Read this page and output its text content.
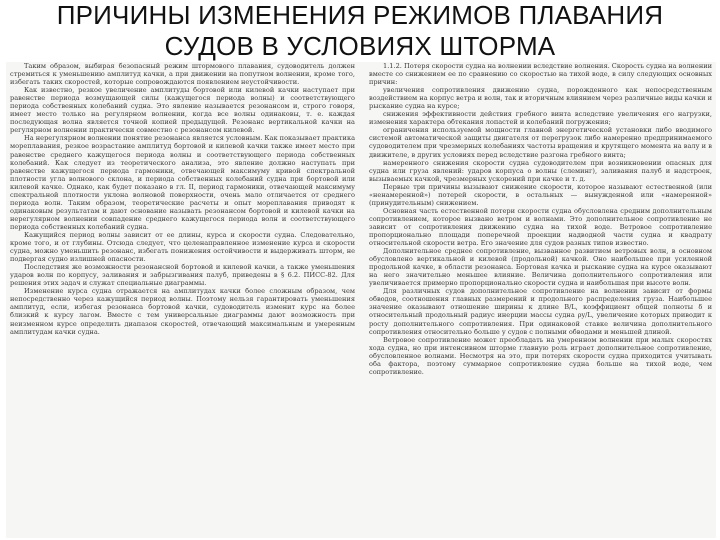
ПРИЧИНЫ ИЗМЕНЕНИЯ РЕЖИМОВ ПЛАВАНИЯ
СУДОВ В УСЛОВИЯХ ШТОРМА

Таким образом, выбирая безопасный режим штормового плавания, судоводитель должен стремиться к уменьшению амплитуд качки, а при движении на попутном волнении, кроме того, избегать таких скоростей, которые сопровождаются появлением неустойчивости.

Как известно, резкое увеличение амплитуды бортовой или килевой качки наступает при равенстве периода возмущающей силы (кажущегося периода волны) и соответствующего периода собственных колебаний судна. Это явление называется резонансом и, строго говоря, имеет место только на регулярном волнении, когда все волны одинаковы, т. е. каждая последующая волна является точной копией предыдущей. Резонанс вертикальной качки на регулярном волнении практически совместно с резонансом килевой.

На нерегулярном волнении понятие резонанса является условным. Как показывает практика мореплавания, резкое возрастание амплитуд бортовой и килевой качки также имеет место при равенстве среднего кажущегося периода волны и соответствующего периода собственных колебаний. Как следует из теоретического анализа, это явление должно наступать при равенстве кажущегося периода гармоники, отвечающей максимуму кривой спектральной плотности угла волнового склона, и периода собственных колебаний судна при бортовой или килевой качке. Однако, как будет показано в гл. II, период гармоники, отвечающей максимуму спектральной плотности уклона волновой поверхности, очень мало отличается от среднего периода волн. Таким образом, теоретические расчеты и опыт мореплавания приводят к одинаковым результатам и дают основание называть резонансом бортовой и килевой качки на нерегулярном волнении совпадение среднего кажущегося периода волн и соответствующего периода собственных колебаний судна.

Кажущийся период волны зависит от ее длины, курса и скорости судна. Следовательно, кроме того, и от глубины. Отсюда следует, что целенаправленное изменение курса и скорости судна, можно уменьшить резонанс, избегать понижения остойчивости и выдерживать шторм, не подвергая судно излишней опасности.

Последствия же возможности резонансной бортовой и килевой качки, а также уменьшения ударов волн по корпусу, заливания и забрызгивания палуб, приведены в § 6.2. ПИСС-82. Для решения этих задач и служат специальные диаграммы.

Изменение курса судна отражается на амплитудах качки более сложным образом, чем непосредственно через кажущийся период волны. Поэтому нельзя гарантировать уменьшения амплитуд, если, избегая резонанса бортовой качки, судоводитель изменит курс на более близкий к курсу лагом. Вместе с тем универсальные диаграммы дают возможность при неизменном курсе определить диапазон скоростей, отвечающий максимальным и умеренным амплитудам качки судна.

1.1.2. Потеря скорости судна на волнении вследствие волнения. Скорость судна на волнении вместе со снижением ее по сравнению со скоростью на тихой воде, в силу следующих основных причин:

увеличения сопротивления движению судна, порожденного как непосредственным воздействием на корпус ветра и волн, так и вторичным влиянием через различные виды качки и рыскание судна на курсе;

снижения эффективности действия гребного винта вследствие увеличения его нагрузки, изменения характера обтекания лопастей и колебаний погружения;

ограничения используемой мощности главной энергетической установки либо вводимого системой автоматической защиты двигателя от перегрузок либо намеренно предпринимаемого судоводителем при чрезмерных колебаниях частоты вращения и крутящего момента на валу и в движителе, в других условиях перед вследствие разгона гребного винта;

намеренного снижения скорости судна судоводителем при возникновении опасных для судна или груза явлений: ударов корпуса о волны (слеминг), заливания палуб и надстроек, вызываемых качкой, чрезмерных ускорений при качке и т. д.

Первые три причины вызывают снижение скорости, которое называют естественной (или «ненамеренной») потерей скорости, в остальных — вынужденной или «намеренной» (принудительным) снижением.

Основная часть естественной потери скорости судна обусловлена средним дополнительным сопротивлением, которое вызвано ветром и волнами. Это дополнительное сопротивление не зависит от сопротивления движению судна на тихой воде. Ветровое сопротивление пропорционально площади поперечной проекции надводной части судна и квадрату относительной скорости ветра. Его значение для судов разных типов известно.

Дополнительное среднее сопротивление, вызванное развитием ветровых волн, в основном обусловлено вертикальной и килевой (продольной) качкой. Оно наибольшее при усиленной продольной качке, в области резонанса. Бортовая качка и рыскание судна на курсе оказывают на него значительно меньшее влияние. Величина дополнительного сопротивления или увеличивается примерно пропорционально скорости судна и наибольшая при высоте волн.

Для различных судов дополнительное сопротивление на волнении зависит от формы обводов, соотношения главных размерений и продольного распределения груза. Наибольшее значение оказывают отношение ширины к длине B/L, коэффициент общей полноты δ и относительный продольный радиус инерции массы судна ρy/L, увеличение которых приводит к росту дополнительного сопротивления. При одинаковой ставке величина дополнительного сопротивления относительно больше у судов с полными обводами и меньшей длиной.

Ветровое сопротивление может преобладать на умеренном волнении при малых скоростях хода судна, но при интенсивном шторме главную роль играет дополнительное сопротивление, обусловленное волнами. Несмотря на это, при потерях скорости судна приходится учитывать оба фактора, поэтому суммарное сопротивление судна больше на тихой воде, чем сопротивление.
